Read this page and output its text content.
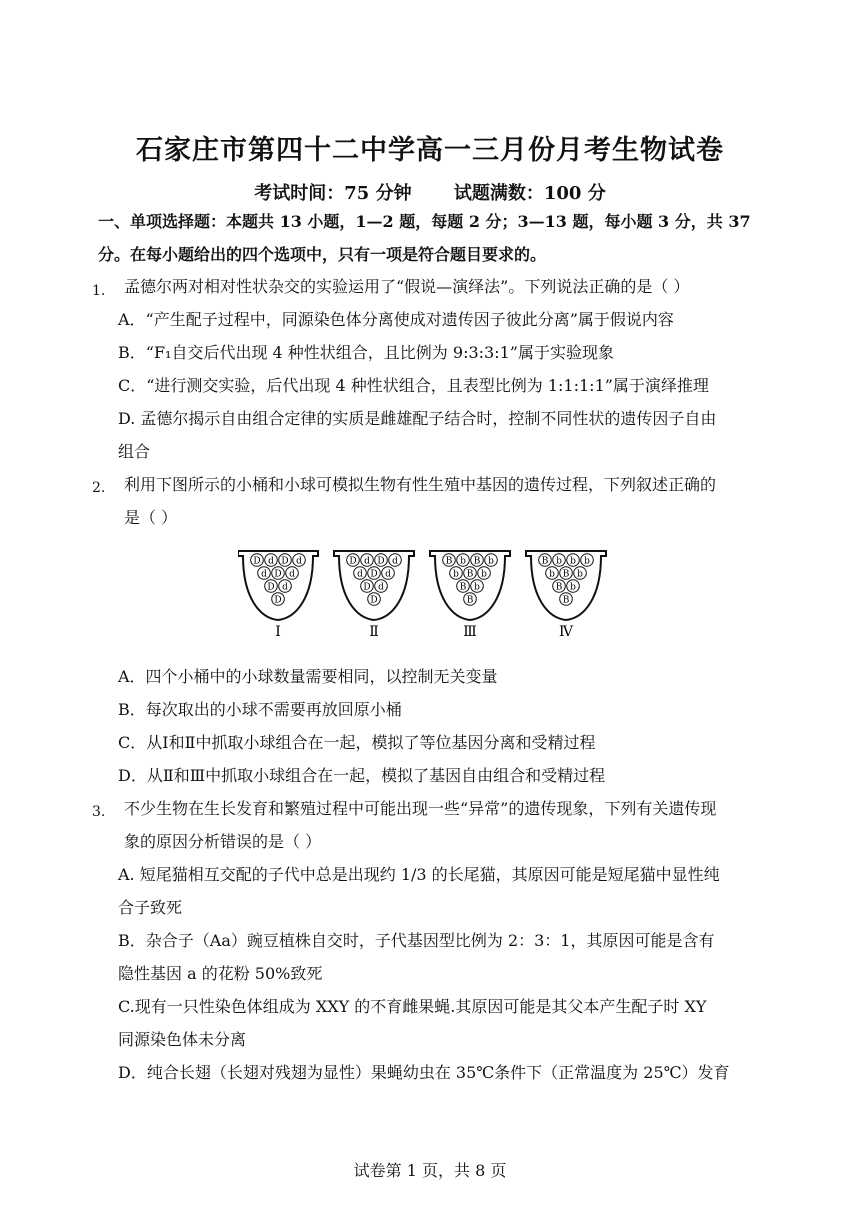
石家庄市第四十二中学高一三月份月考生物试卷
考试时间：75 分钟 试题满数：100 分
一、单项选择题：本题共 13 小题，1—2 题，每题 2 分；3—13 题，每小题 3 分，共 37
分。在每小题给出的四个选项中，只有一项是符合题目要求的。
1. 孟德尔两对相对性状杂交的实验运用了“假说—演绎法”。下列说法正确的是（ ）
A．“产生配子过程中，同源染色体分离使成对遗传因子彼此分离”属于假说内容
B．“F₁自交后代出现 4 种性状组合，且比例为 9:3:3:1”属于实验现象
C．“进行测交实验，后代出现 4 种性状组合，且表型比例为 1:1:1:1”属于演绎推理
D. 孟德尔揭示自由组合定律的实质是雌雄配子结合时，控制不同性状的遗传因子自由
组合
2. 利用下图所示的小桶和小球可模拟生物有性生殖中基因的遗传过程，下列叙述正确的
是（ ）
D d D d
d D d
D d
D
Ⅰ
D d D d
d D d
D d
D
Ⅱ
B b B b
b B b
B b
B
Ⅲ
B b b b
b B b
B b
B
Ⅳ
A．四个小桶中的小球数量需要相同，以控制无关变量
B．每次取出的小球不需要再放回原小桶
C．从Ⅰ和Ⅱ中抓取小球组合在一起，模拟了等位基因分离和受精过程
D．从Ⅱ和Ⅲ中抓取小球组合在一起，模拟了基因自由组合和受精过程
3. 不少生物在生长发育和繁殖过程中可能出现一些“异常”的遗传现象，下列有关遗传现
象的原因分析错误的是（ ）
A. 短尾猫相互交配的子代中总是出现约 1/3 的长尾猫，其原因可能是短尾猫中显性纯
合子致死
B．杂合子（Aa）豌豆植株自交时，子代基因型比例为 2：3：1，其原因可能是含有
隐性基因 a 的花粉 50%致死
C.现有一只性染色体组成为 XXY 的不育雌果蝇.其原因可能是其父本产生配子时 XY
同源染色体未分离
D．纯合长翅（长翅对残翅为显性）果蝇幼虫在 35℃条件下（正常温度为 25℃）发育
试卷第 1 页，共 8 页
